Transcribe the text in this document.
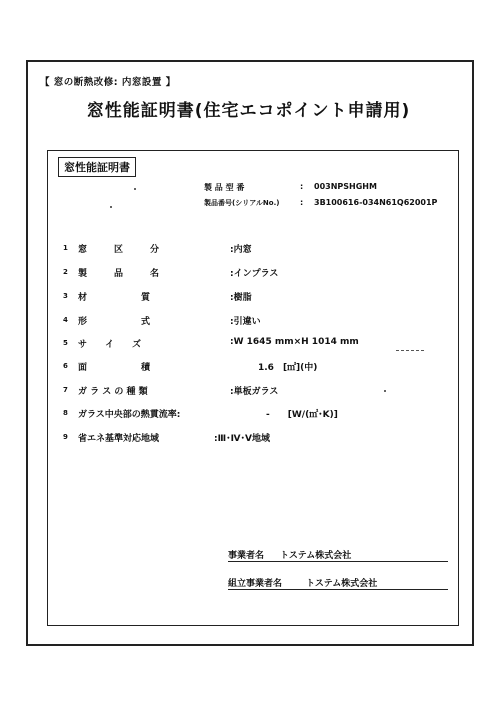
【 窓の断熱改修: 内窓設置 】
窓性能証明書(住宅エコポイント申請用)
窓性能証明書
製 品 型 番	: 003NPSHGHM
製品番号(シリアルNo.)	: 3B100616-034N61Q62001P
1 窓　　　区　　　分	:内窓
2 製　　　品　　　名	:インプラス
3 材　　　　　　質	:樹脂
4 形　　　　　　式	:引違い
5 サ　　イ　　ズ	:W 1645 mm×H 1014 mm
6 面　　　　　　積	1.6　[㎡](中)
7 ガ ラ ス の 種 類	:単板ガラス
8 ガラス中央部の熱貫流率:	-　　[W/(㎡･K)]
9 省エネ基準対応地域	:Ⅲ･Ⅳ･Ⅴ地域
事業者名 トステム株式会社
組立事業者名	トステム株式会社
